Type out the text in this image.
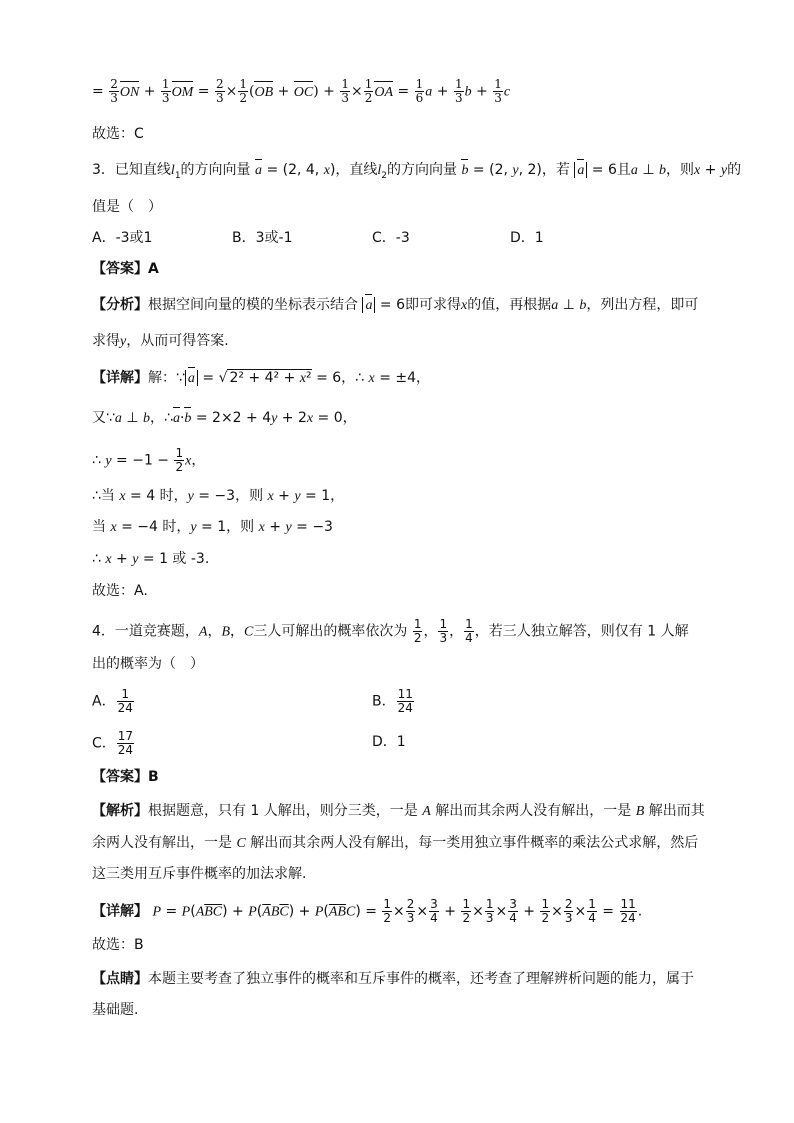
= $\frac{2}{3}$ ON + $\frac{1}{3}$ OM = $\frac{2}{3} \times \frac{1}{2} (OB + OC) + \frac{1}{3} \times \frac{1}{2}$ OA = $\frac{1}{6}$ $a + \frac{1}{3}$ $b + \frac{1}{3}$ c
故选：C
3．已知直线$l_1$的方向向量 a = (2, 4, x)，直线$l_2$的方向向量 b = (2, y, 2)，若 a = 6且a ⊥ b，则x + y的
值是（　）
A．-3或1	B．3或-1	C．-3	D．1
【答案】A
【分析】根据空间向量的模的坐标表示结合 a = 6即可求得x的值，再根据a ⊥ b，列出方程，即可
求得y，从而可得答案.
【详解】解：∵ a = √ 2² + 4² + x² = 6，∴ x = ±4，
又∵a ⊥ b，∴a·b = 2×2 + 4y + 2x = 0，
∴ $y = -1 - \frac{1}{2}$ x，
∴当 x = 4 时，y = −3，则 x + y = 1，
当 x = −4 时，y = 1，则 x + y = −3
∴ x + y = 1 或 -3.
故选：A.
4．一道竞赛题，A，B，C三人可解出的概率依次为 $\frac{1}{2}$ ， $\frac{1}{3}$ ， $\frac{1}{4}$ ，若三人独立解答，则仅有 1 人解
出的概率为（　）
A． $\frac{1}{24}$	B． $\frac{11}{24}$
C． $\frac{17}{24}$	D．1
【答案】B
【解析】根据题意，只有 1 人解出，则分三类，一是 A 解出而其余两人没有解出，一是 B 解出而其
余两人没有解出，一是 C 解出而其余两人没有解出，每一类用独立事件概率的乘法公式求解，然后
这三类用互斥事件概率的加法求解.
【详解】 $P = P(A\overline{BC}) + P(\overline{A}B\overline{C}) + P(\overline{AB}C) = \frac{1}{2} \times \frac{2}{3} \times \frac{3}{4} + \frac{1}{2} \times \frac{1}{3} \times \frac{3}{4} + \frac{1}{2} \times \frac{2}{3} \times \frac{1}{4} = \frac{11}{24}$ .
故选：B
【点睛】本题主要考查了独立事件的概率和互斥事件的概率，还考查了理解辨析问题的能力，属于
基础题.
